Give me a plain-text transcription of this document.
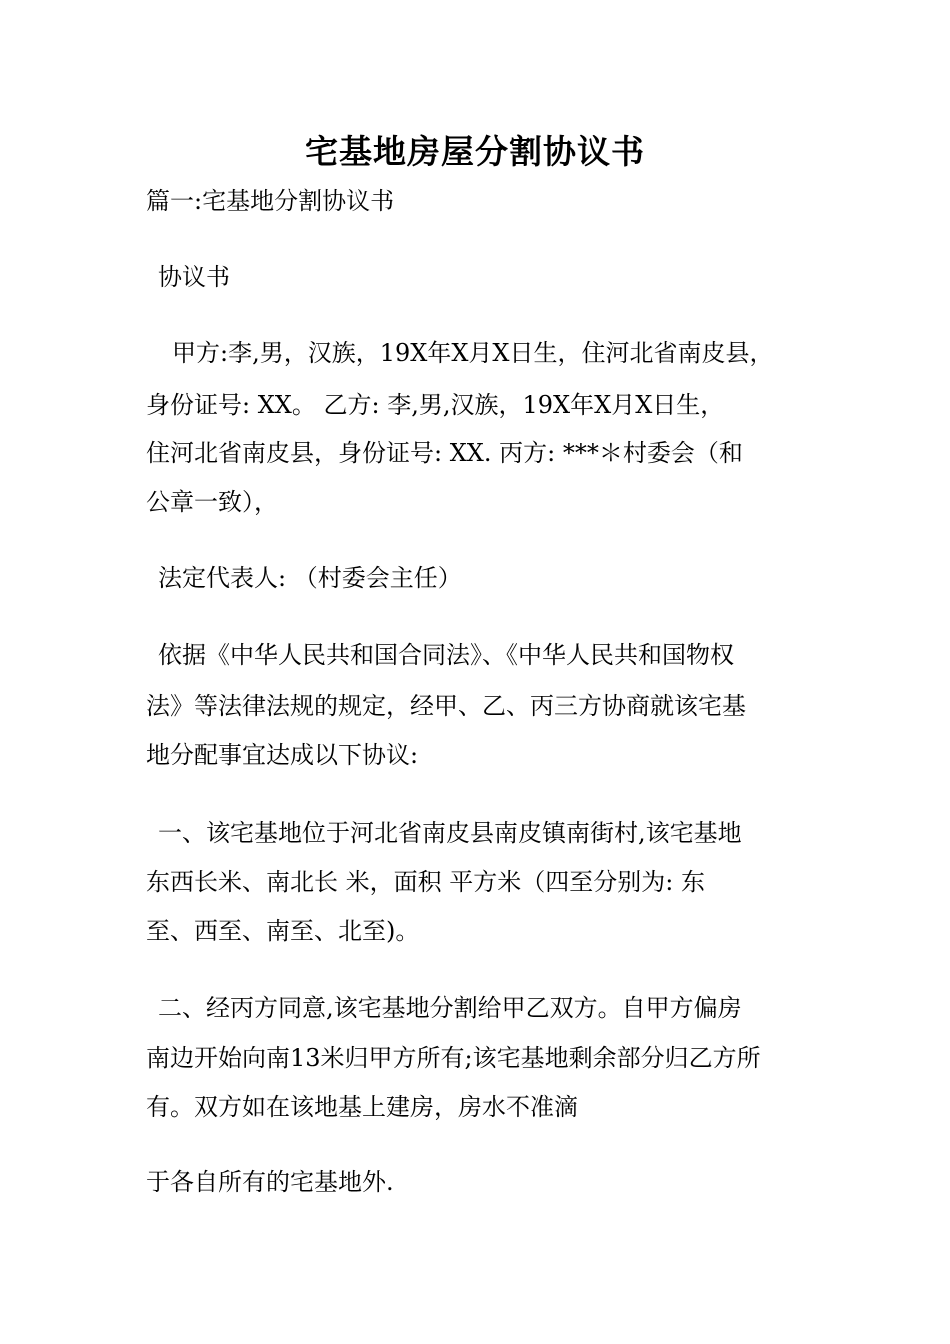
宅基地房屋分割协议书
篇一:宅基地分割协议书
协议书
甲方:李,男，汉族，19X年X月X日生，住河北省南皮县，
身份证号: XX。 乙方: 李,男,汉族，19X年X月X日生，
住河北省南皮县，身份证号: XX. 丙方: ***＊村委会（和
公章一致），
法定代表人: （村委会主任）
依据《中华人民共和国合同法》、《中华人民共和国物权
法》等法律法规的规定，经甲、乙、丙三方协商就该宅基
地分配事宜达成以下协议:
一、该宅基地位于河北省南皮县南皮镇南街村,该宅基地
东西长米、南北长 米，面积 平方米（四至分别为: 东
至、西至、南至、北至)。
二、经丙方同意,该宅基地分割给甲乙双方。自甲方偏房
南边开始向南13米归甲方所有;该宅基地剩余部分归乙方所
有。双方如在该地基上建房，房水不准滴
于各自所有的宅基地外.
